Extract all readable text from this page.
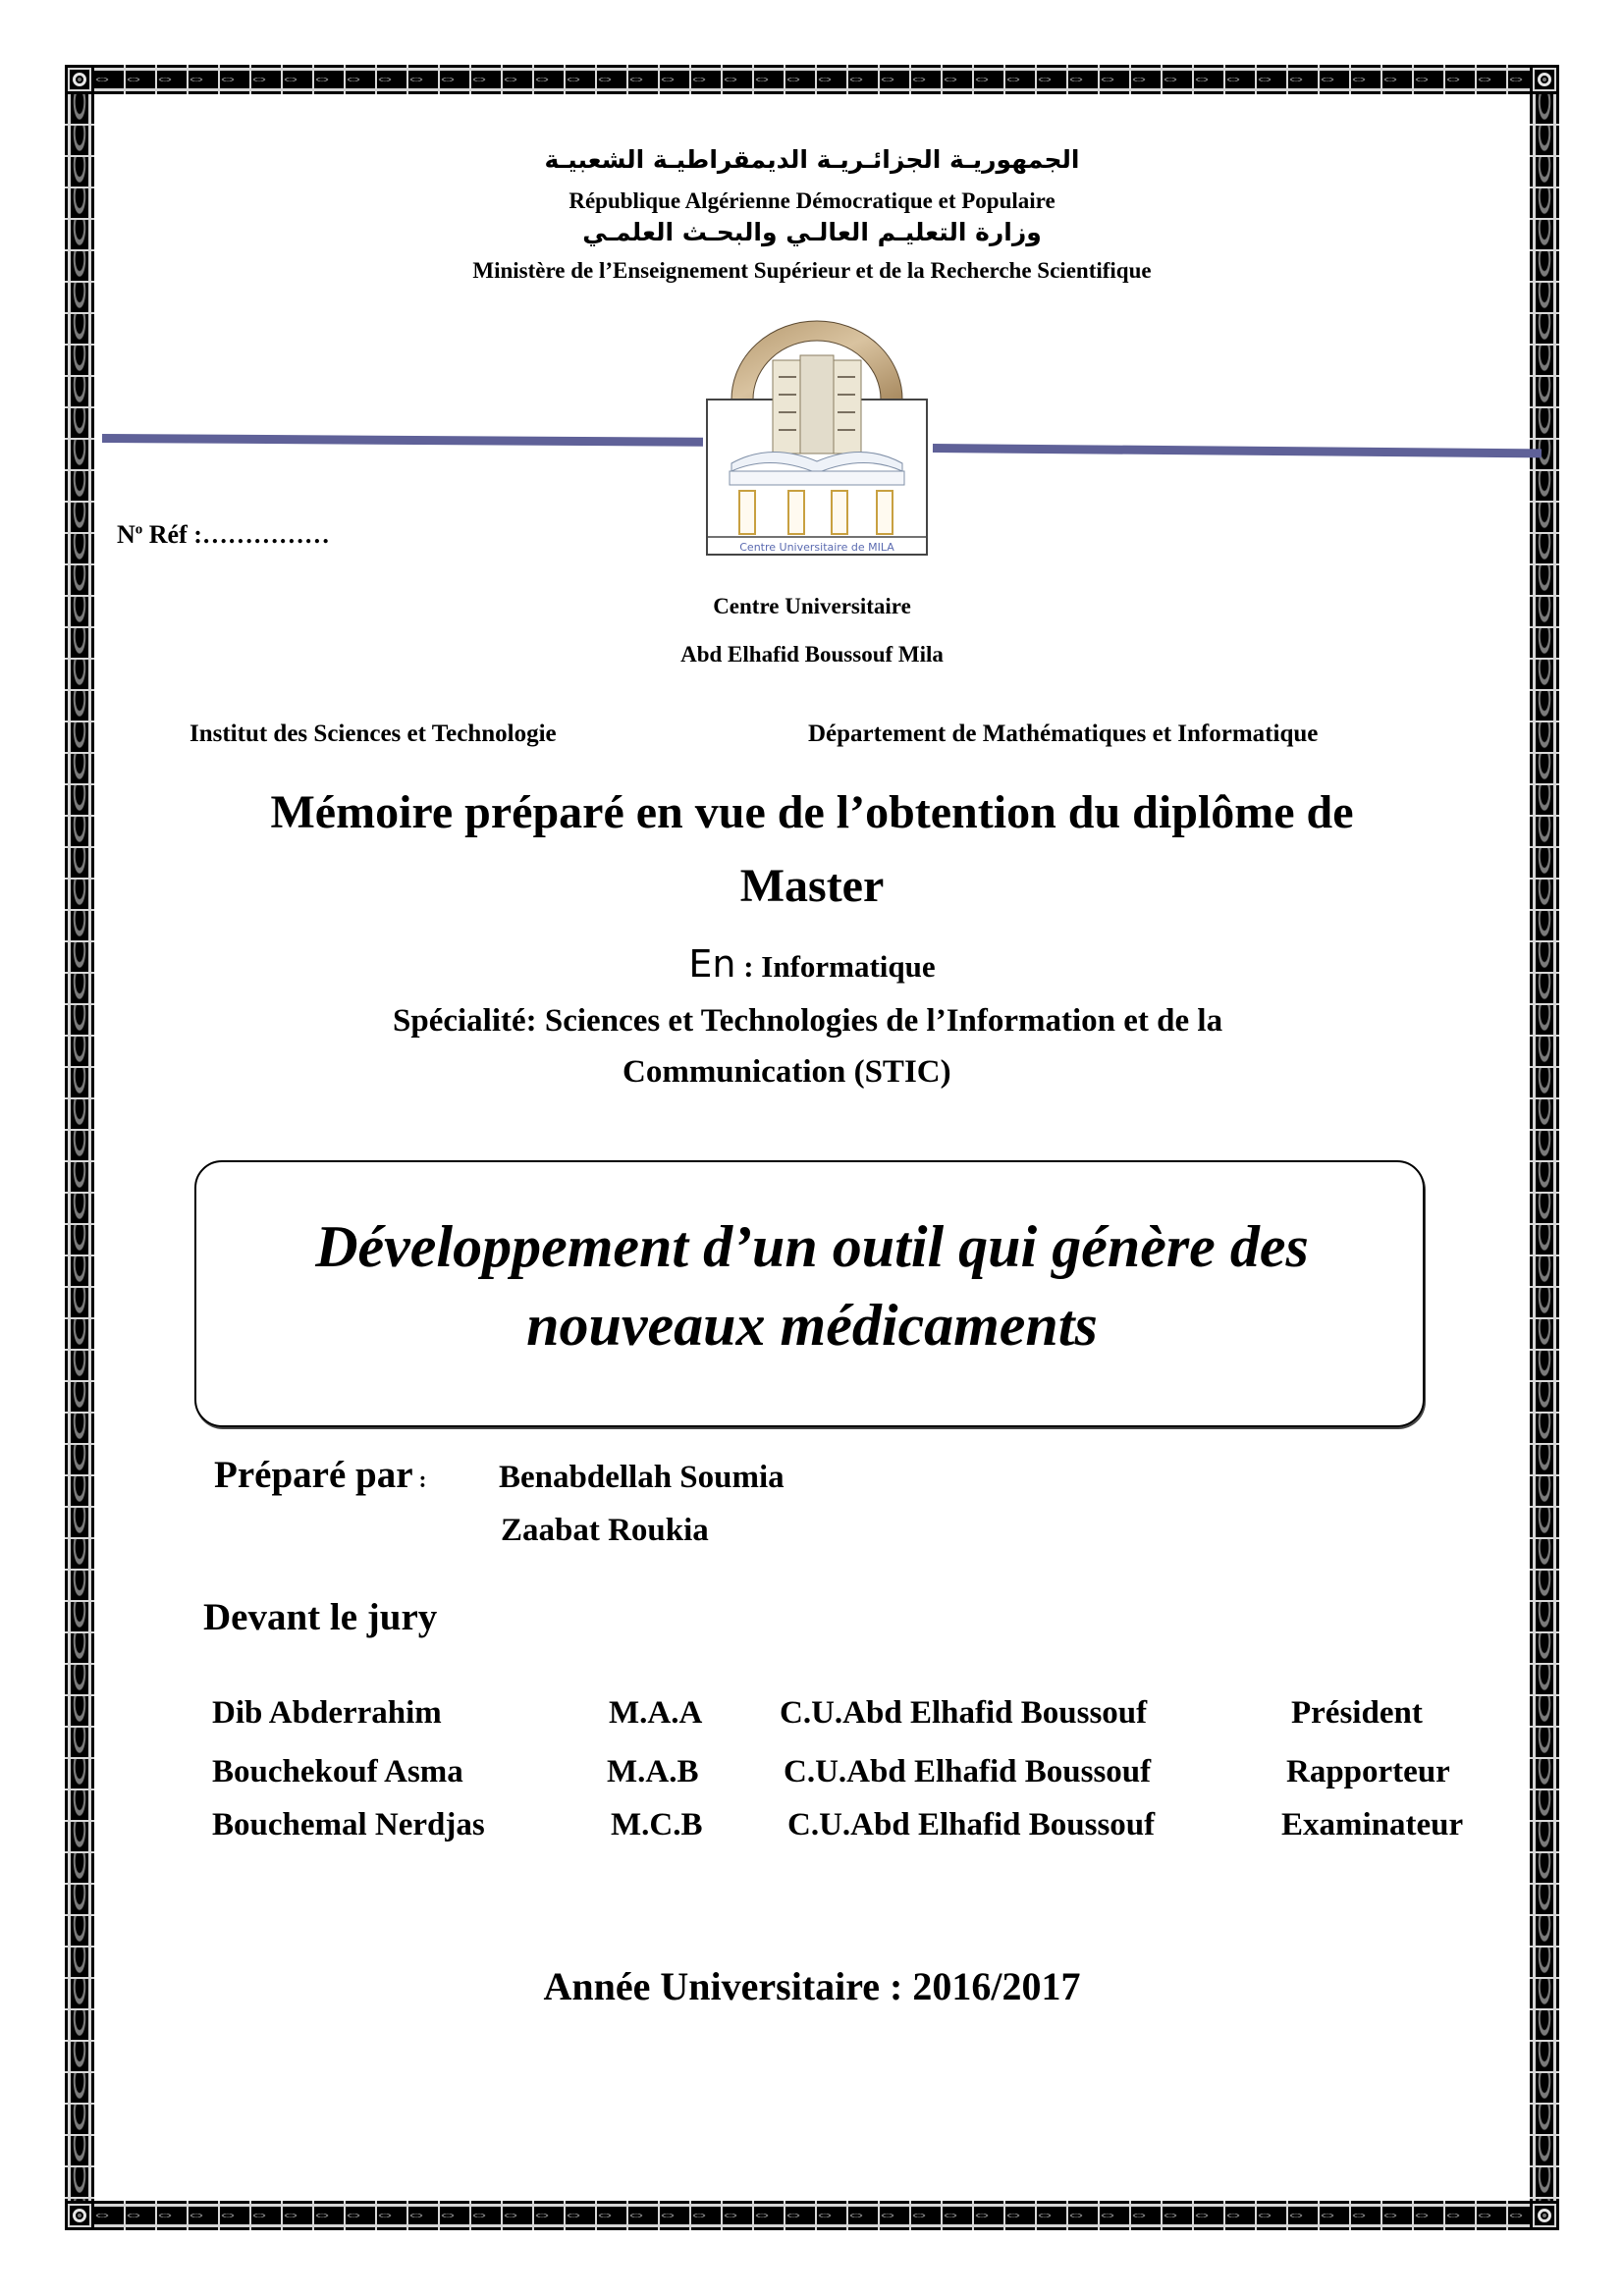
الجمهوريـة الجزائـريـة الديمقراطيـة الشعبيـة
République Algérienne Démocratique et Populaire
وزارة التعليـم العالـي والبحـث العلمـي
Ministère de l’Enseignement Supérieur et de la Recherche Scientifique
Centre Universitaire de MILA
$N^o$ Réf :……………
Centre Universitaire
Abd Elhafid Boussouf Mila
Institut des Sciences et Technologie	Département de Mathématiques et Informatique
Mémoire préparé en vue de l’obtention du diplôme de
Master
En : Informatique
Spécialité: Sciences et Technologies de l’Information et de la
Communication (STIC)
Développement d’un outil qui génère des
nouveaux médicaments
Préparé par : Benabdellah Soumia
Zaabat Roukia
Devant le jury
Dib Abderrahim	M.A.A C.U.Abd Elhafid Boussouf	Président
Bouchekouf Asma	M.A.B	C.U.Abd Elhafid Boussouf	Rapporteur
Bouchemal Nerdjas	M.C.B	C.U.Abd Elhafid Boussouf	Examinateur
Année Universitaire : 2016/2017
